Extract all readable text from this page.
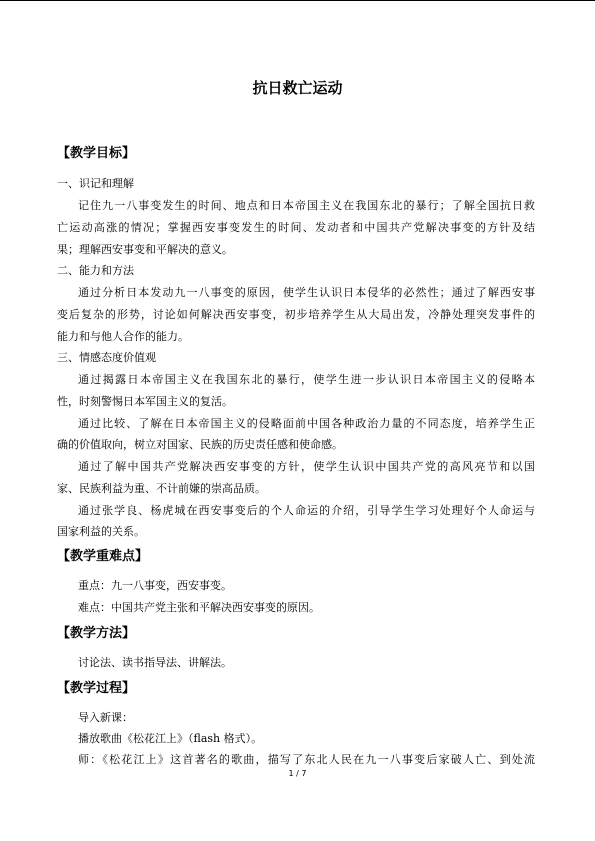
抗日救亡运动
【教学目标】
一、识记和理解
记住九一八事变发生的时间、地点和日本帝国主义在我国东北的暴行；了解全国抗日救
亡运动高涨的情况；掌握西安事变发生的时间、发动者和中国共产党解决事变的方针及结
果；理解西安事变和平解决的意义。
二、能力和方法
通过分析日本发动九一八事变的原因，使学生认识日本侵华的必然性；通过了解西安事
变后复杂的形势，讨论如何解决西安事变，初步培养学生从大局出发，冷静处理突发事件的
能力和与他人合作的能力。
三、情感态度价值观
通过揭露日本帝国主义在我国东北的暴行，使学生进一步认识日本帝国主义的侵略本
性，时刻警惕日本军国主义的复活。
通过比较、了解在日本帝国主义的侵略面前中国各种政治力量的不同态度，培养学生正
确的价值取向，树立对国家、民族的历史责任感和使命感。
通过了解中国共产党解决西安事变的方针，使学生认识中国共产党的高风亮节和以国
家、民族利益为重、不计前嫌的崇高品质。
通过张学良、杨虎城在西安事变后的个人命运的介绍，引导学生学习处理好个人命运与
国家利益的关系。
【教学重难点】
重点：九一八事变，西安事变。
难点：中国共产党主张和平解决西安事变的原因。
【教学方法】
讨论法、读书指导法、讲解法。
【教学过程】
导入新课：
播放歌曲《松花江上》（flash 格式）。
师：《松花江上》这首著名的歌曲，描写了东北人民在九一八事变后家破人亡、到处流
1 / 7
